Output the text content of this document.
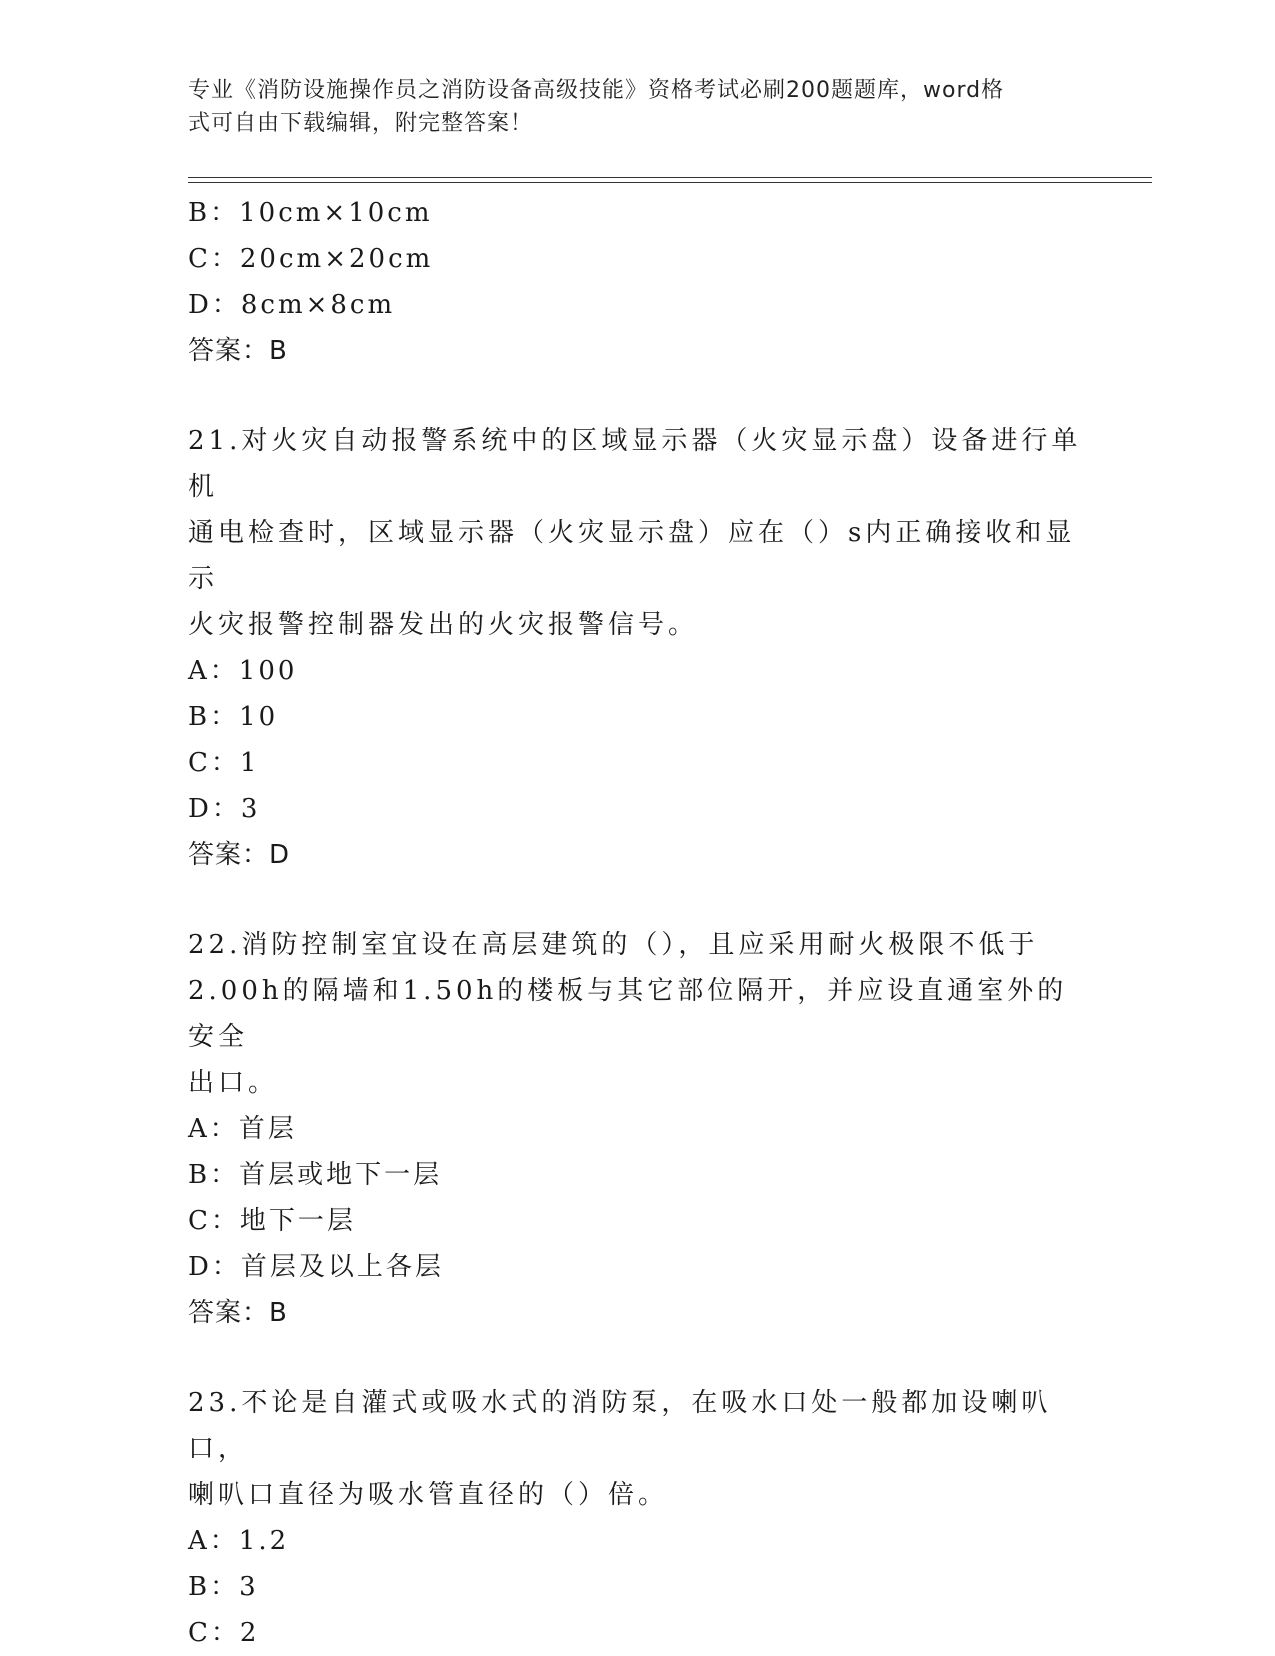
专业《消防设施操作员之消防设备高级技能》资格考试必刷200题题库，word格
式可自由下载编辑，附完整答案！
B：10cm×10cm
C：20cm×20cm
D：8cm×8cm
答案：B
21.对火灾自动报警系统中的区域显示器（火灾显示盘）设备进行单机
通电检查时，区域显示器（火灾显示盘）应在（）s内正确接收和显示
火灾报警控制器发出的火灾报警信号。
A：100
B：10
C：1
D：3
答案：D
22.消防控制室宜设在高层建筑的（），且应采用耐火极限不低于
2.00h的隔墙和1.50h的楼板与其它部位隔开，并应设直通室外的安全
出口。
A：首层
B：首层或地下一层
C：地下一层
D：首层及以上各层
答案：B
23.不论是自灌式或吸水式的消防泵，在吸水口处一般都加设喇叭口，
喇叭口直径为吸水管直径的（）倍。
A：1.2
B：3
C：2
